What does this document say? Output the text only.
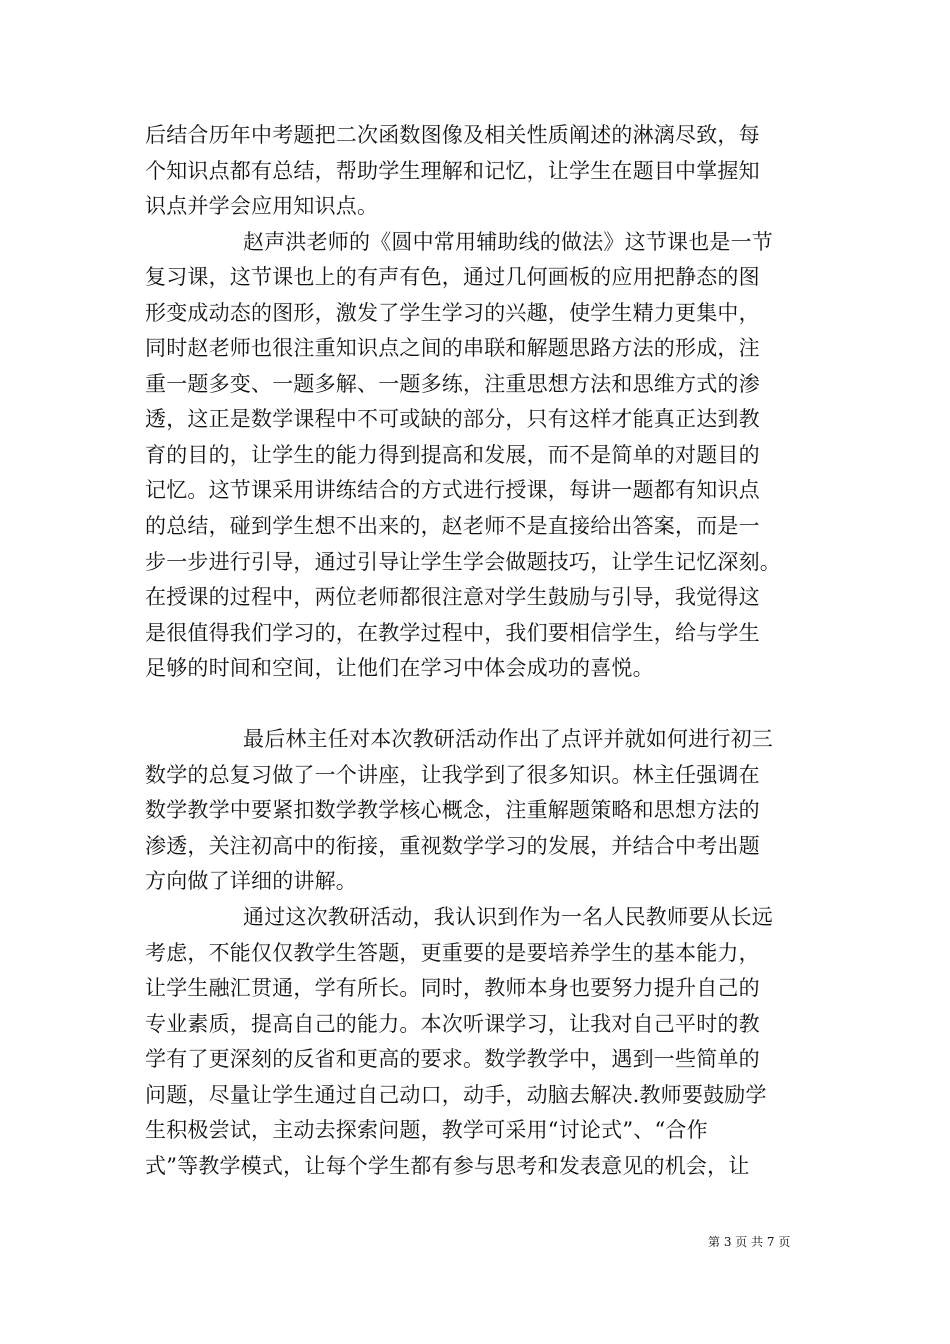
后结合历年中考题把二次函数图像及相关性质阐述的淋漓尽致，每
个知识点都有总结，帮助学生理解和记忆，让学生在题目中掌握知
识点并学会应用知识点。
赵声洪老师的《圆中常用辅助线的做法》这节课也是一节
复习课，这节课也上的有声有色，通过几何画板的应用把静态的图
形变成动态的图形，激发了学生学习的兴趣，使学生精力更集中，
同时赵老师也很注重知识点之间的串联和解题思路方法的形成，注
重一题多变、一题多解、一题多练，注重思想方法和思维方式的渗
透，这正是数学课程中不可或缺的部分，只有这样才能真正达到教
育的目的，让学生的能力得到提高和发展，而不是简单的对题目的
记忆。这节课采用讲练结合的方式进行授课，每讲一题都有知识点
的总结，碰到学生想不出来的，赵老师不是直接给出答案，而是一
步一步进行引导，通过引导让学生学会做题技巧，让学生记忆深刻。
在授课的过程中，两位老师都很注意对学生鼓励与引导，我觉得这
是很值得我们学习的，在教学过程中，我们要相信学生，给与学生
足够的时间和空间，让他们在学习中体会成功的喜悦。
最后林主任对本次教研活动作出了点评并就如何进行初三
数学的总复习做了一个讲座，让我学到了很多知识。林主任强调在
数学教学中要紧扣数学教学核心概念，注重解题策略和思想方法的
渗透，关注初高中的衔接，重视数学学习的发展，并结合中考出题
方向做了详细的讲解。
通过这次教研活动，我认识到作为一名人民教师要从长远
考虑，不能仅仅教学生答题，更重要的是要培养学生的基本能力，
让学生融汇贯通，学有所长。同时，教师本身也要努力提升自己的
专业素质，提高自己的能力。本次听课学习，让我对自己平时的教
学有了更深刻的反省和更高的要求。数学教学中，遇到一些简单的
问题，尽量让学生通过自己动口，动手，动脑去解决.教师要鼓励学
生积极尝试，主动去探索问题，教学可采用“讨论式”、“合作
式”等教学模式，让每个学生都有参与思考和发表意见的机会，让
第 3 页 共 7 页
